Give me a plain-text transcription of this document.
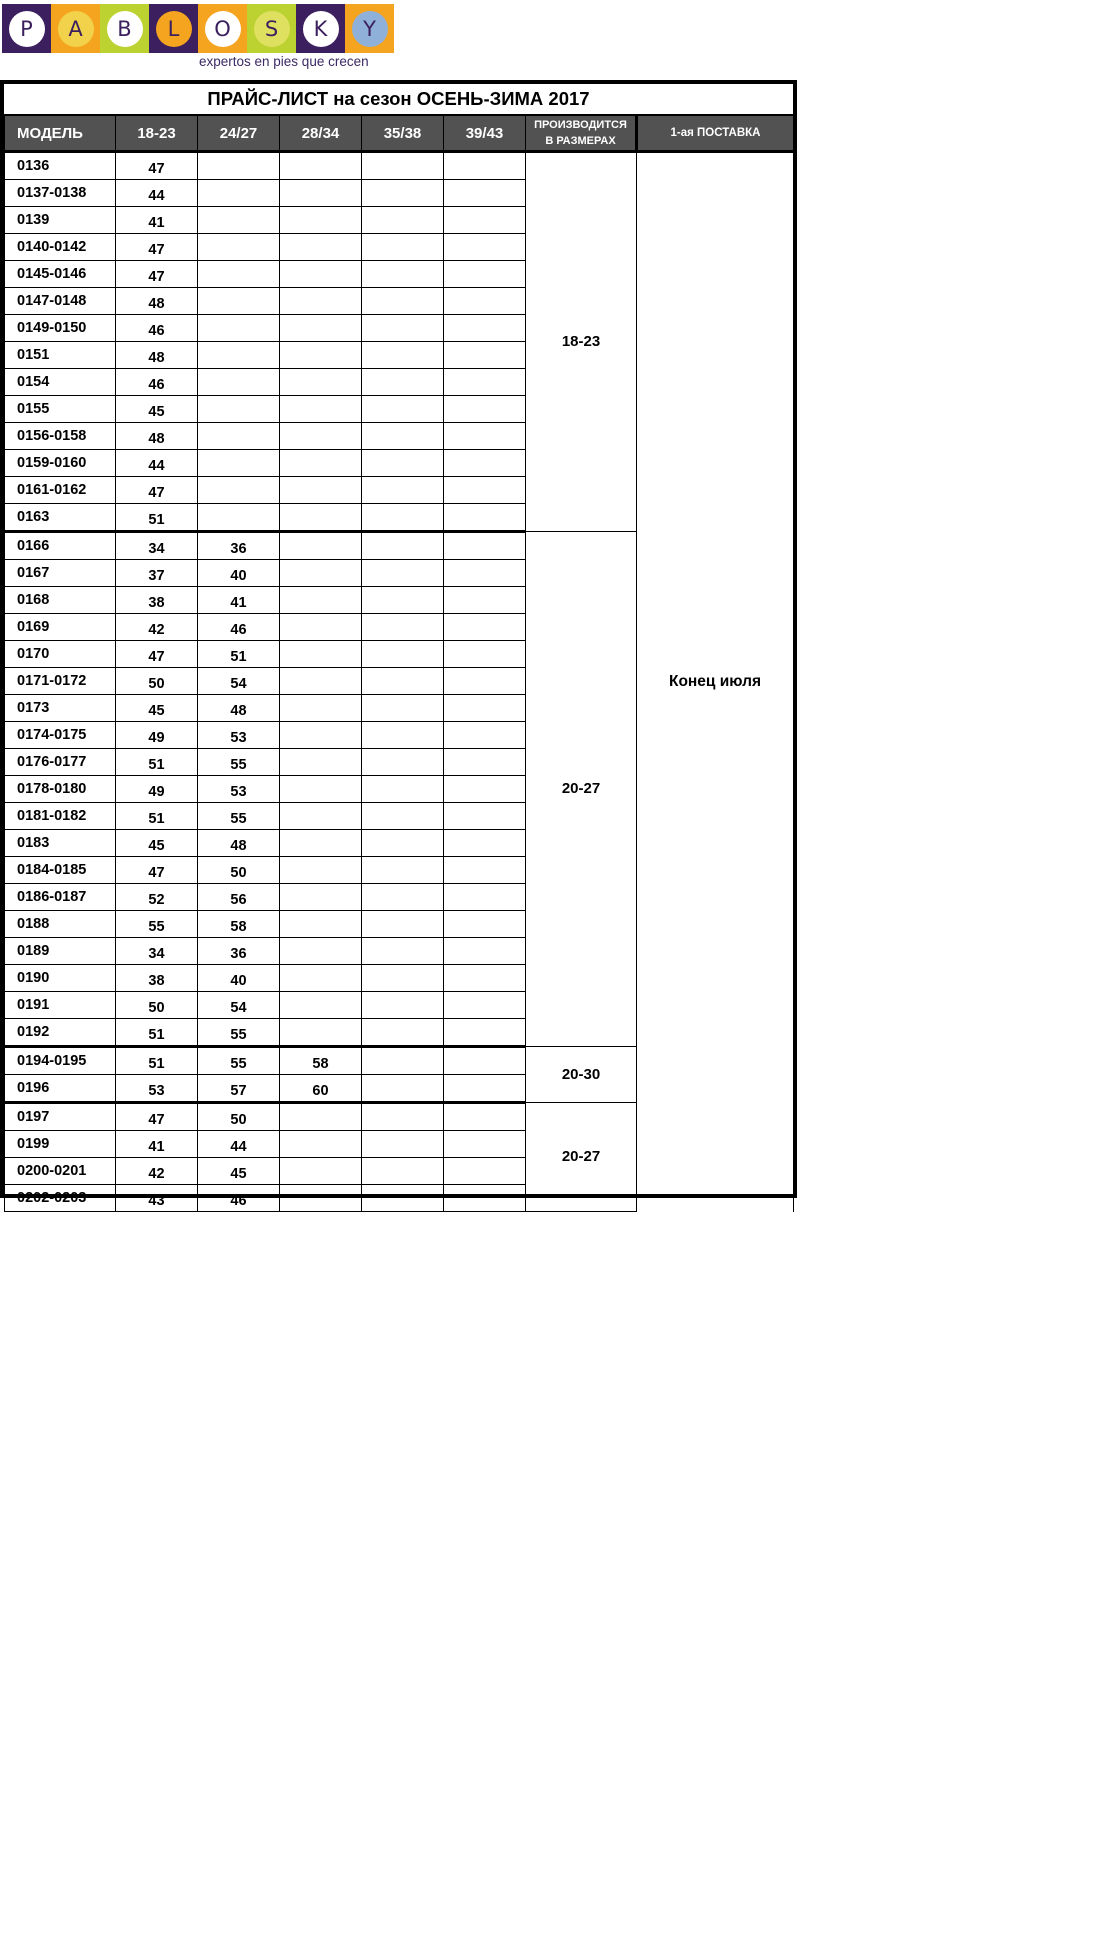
P	A	B	L	O	S	K	Y
expertos en pies que crecen
ПРАЙС-ЛИСТ на сезон ОСЕНЬ-ЗИМА 2017
МОДЕЛЬ	18-23	24/27	28/34	35/38	39/43	ПРОИЗВОДИТСЯ
В РАЗМЕРАХ	1-ая ПОСТАВКА
0136	47					18-23	Конец июля
0137-0138	44						
0139	41						
0140-0142	47						
0145-0146	47						
0147-0148	48						
0149-0150	46						
0151	48						
0154	46						
0155	45						
0156-0158	48						
0159-0160	44						
0161-0162	47						
0163	51						
0166	34	36				20-27	
0167	37	40					
0168	38	41					
0169	42	46					
0170	47	51					
0171-0172	50	54					
0173	45	48					
0174-0175	49	53					
0176-0177	51	55					
0178-0180	49	53					
0181-0182	51	55					
0183	45	48					
0184-0185	47	50					
0186-0187	52	56					
0188	55	58					
0189	34	36					
0190	38	40					
0191	50	54					
0192	51	55					
0194-0195	51	55	58			20-30	
0196	53	57	60				
0197	47	50				20-27	
0199	41	44					
0200-0201	42	45					
0202-0203	43	46					
